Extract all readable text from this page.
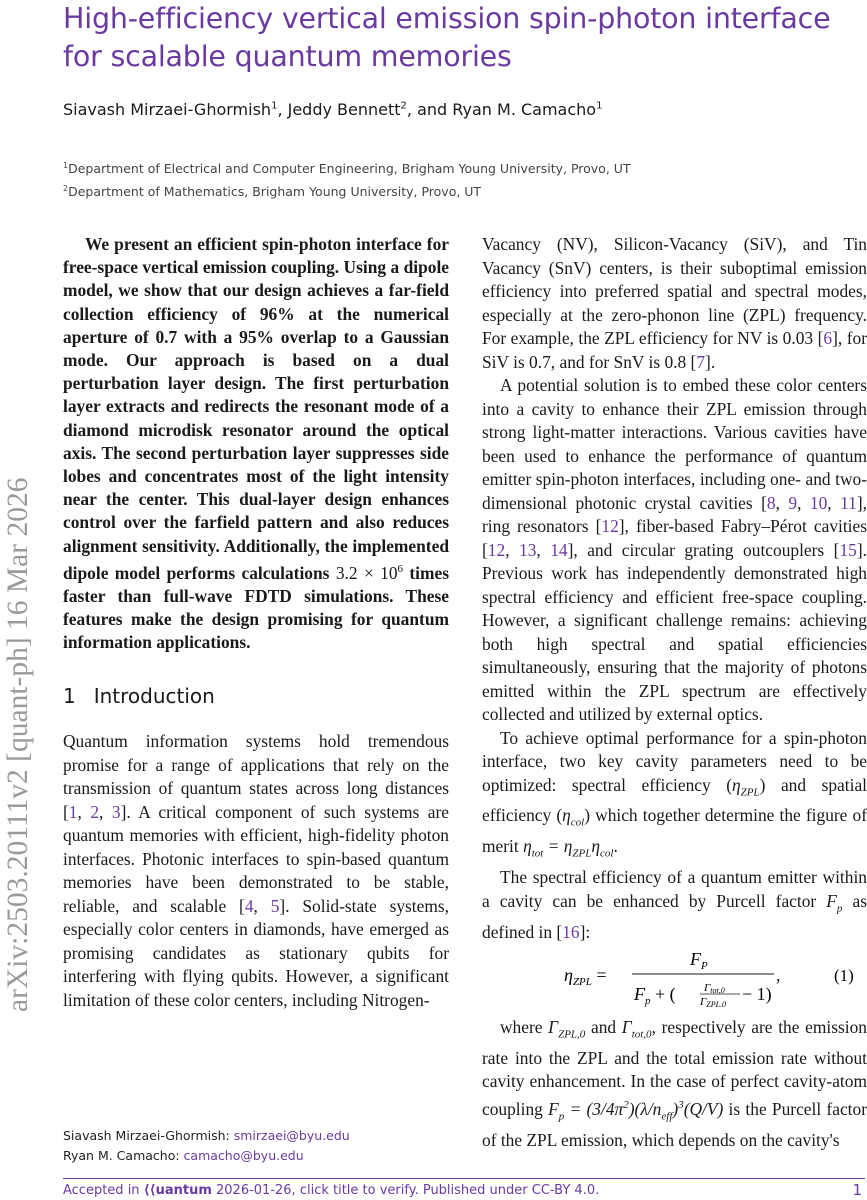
High-efficiency vertical emission spin-photon interface for scalable quantum memories
Siavash Mirzaei-Ghormish$^1$, Jeddy Bennett$^2$, and Ryan M. Camacho$^1$
$^1$Department of Electrical and Computer Engineering, Brigham Young University, Provo, UT
$^2$Department of Mathematics, Brigham Young University, Provo, UT
arXiv:2503.20111v2 [quant-ph] 16 Mar 2026

We present an efficient spin-photon interface for free-space vertical emission coupling. Using a dipole model, we show that our design achieves a far-field collection efficiency of 96% at the numerical aperture of 0.7 with a 95% overlap to a Gaussian mode. Our approach is based on a dual perturbation layer design. The first perturbation layer extracts and redirects the resonant mode of a diamond microdisk resonator around the optical axis. The second perturbation layer suppresses side lobes and concentrates most of the light intensity near the center. This dual-layer design enhances control over the farfield pattern and also reduces alignment sensitivity. Additionally, the implemented dipole model performs calculations $3.2 \times 10^6$ times faster than full-wave FDTD simulations. These features make the design promising for quantum information applications.

1 Introduction

Quantum information systems hold tremendous promise for a range of applications that rely on the transmission of quantum states across long distances [1, 2, 3]. A critical component of such systems are quantum memories with efficient, high-fidelity photon interfaces. Photonic interfaces to spin-based quantum memories have been demonstrated to be stable, reliable, and scalable [4, 5]. Solid-state systems, especially color centers in diamonds, have emerged as promising candidates as stationary qubits for interfering with flying qubits. However, a significant limitation of these color centers, including Nitrogen-

Vacancy (NV), Silicon-Vacancy (SiV), and Tin Vacancy (SnV) centers, is their suboptimal emission efficiency into preferred spatial and spectral modes, especially at the zero-phonon line (ZPL) frequency. For example, the ZPL efficiency for NV is 0.03 [6], for SiV is 0.7, and for SnV is 0.8 [7].

A potential solution is to embed these color centers into a cavity to enhance their ZPL emission through strong light-matter interactions. Various cavities have been used to enhance the performance of quantum emitter spin-photon interfaces, including one- and two-dimensional photonic crystal cavities [8, 9, 10, 11], ring resonators [12], fiber-based Fabry–Pérot cavities [12, 13, 14], and circular grating outcouplers [15]. Previous work has independently demonstrated high spectral efficiency and efficient free-space coupling. However, a significant challenge remains: achieving both high spectral and spatial efficiencies simultaneously, ensuring that the majority of photons emitted within the ZPL spectrum are effectively collected and utilized by external optics.

To achieve optimal performance for a spin-photon interface, two key cavity parameters need to be optimized: spectral efficiency $(\eta_{ZPL})$ and spatial efficiency $(\eta_{col})$ which together determine the figure of merit $\eta_{tot} = \eta_{ZPL}\eta_{col}$.

The spectral efficiency of a quantum emitter within a cavity can be enhanced by Purcell factor $F_p$ as defined in [16]:

$\eta_{ZPL}$ =
$F_P$
$F_p$ + (	Γtot,0
ΓZPL,0
− 1)
,	(1)

where $\Gamma_{ZPL,0}$ and $\Gamma_{tot,0}$, respectively are the emission rate into the ZPL and the total emission rate without cavity enhancement. In the case of perfect cavity-atom coupling $F_p = (3/4\pi^2)(\lambda/n_{eff})^3(Q/V)$ is the Purcell factor of the ZPL emission, which depends on the cavity's

Siavash Mirzaei-Ghormish: smirzaei@byu.edu
Ryan M. Camacho: camacho@byu.edu
Accepted in ⟨⟨uantum 2026-01-26, click title to verify. Published under CC-BY 4.0.	1
